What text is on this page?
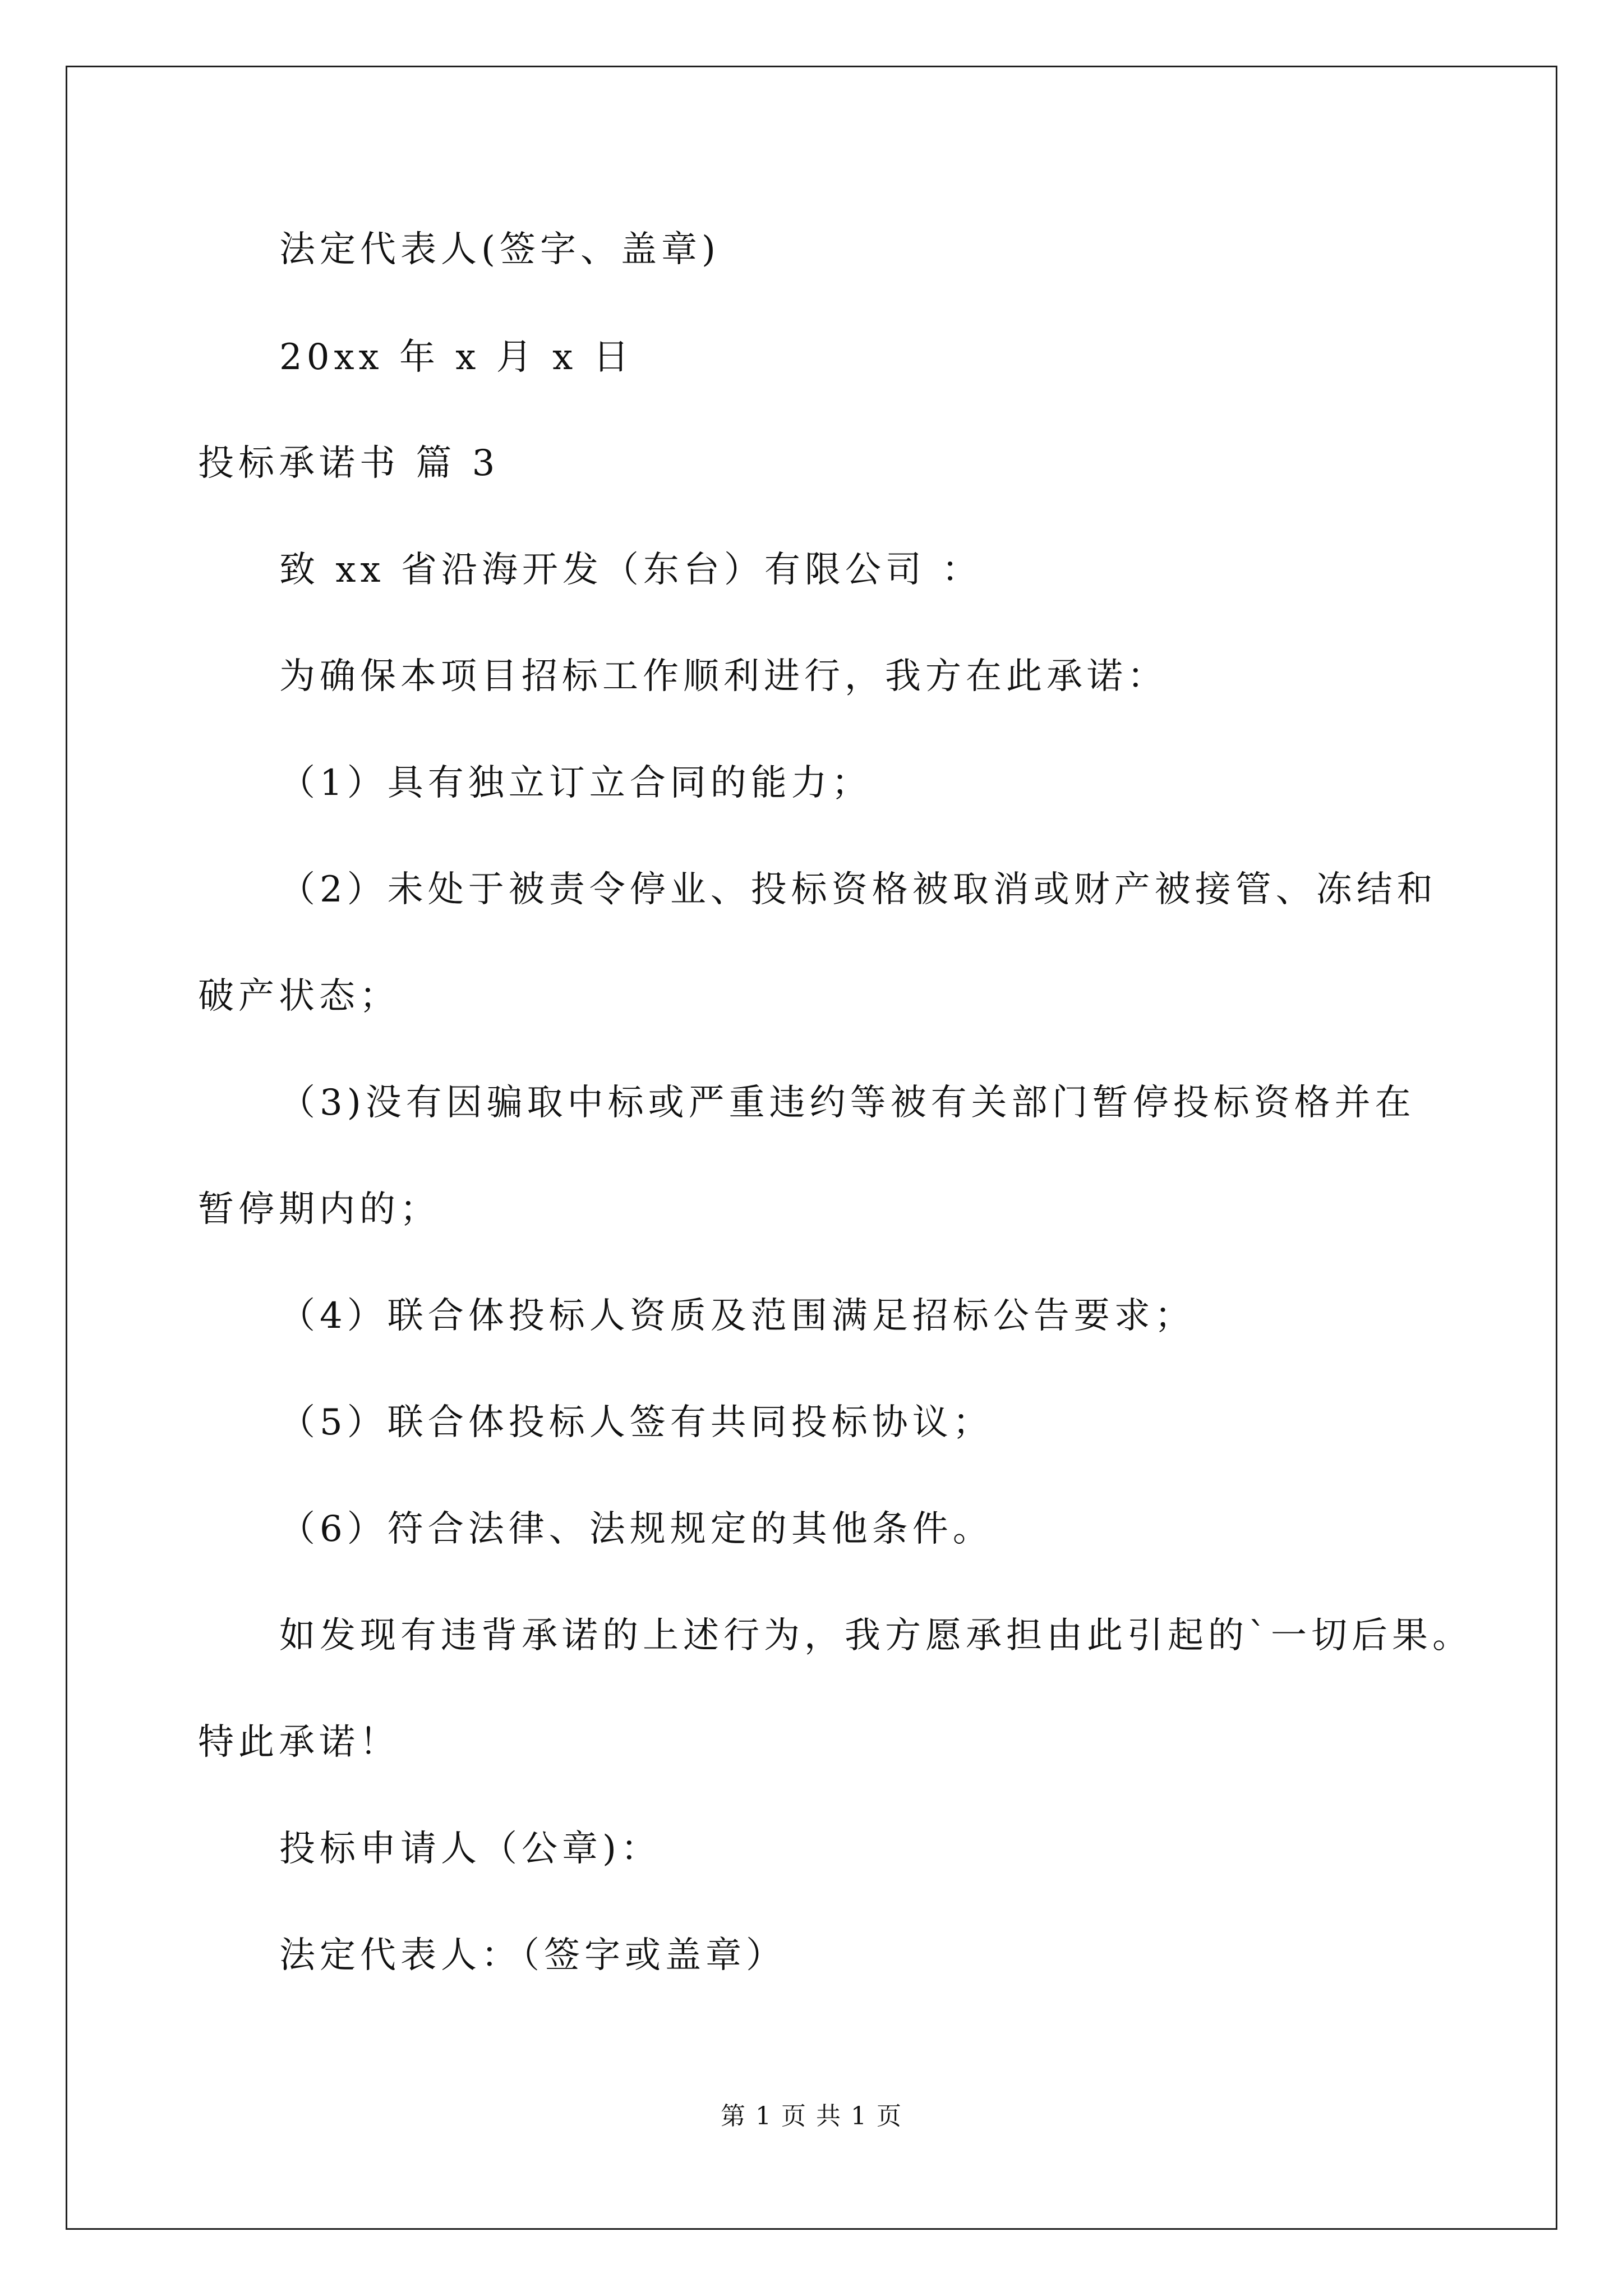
法定代表人(签字、盖章)
20xx 年 x 月 x 日
投标承诺书 篇 3
致 xx 省沿海开发（东台）有限公司 ：
为确保本项目招标工作顺利进行，我方在此承诺：
（1）具有独立订立合同的能力；
（2）未处于被责令停业、投标资格被取消或财产被接管、冻结和
破产状态；
（3)没有因骗取中标或严重违约等被有关部门暂停投标资格并在
暂停期内的；
（4）联合体投标人资质及范围满足招标公告要求；
（5）联合体投标人签有共同投标协议；
（6）符合法律、法规规定的其他条件。
如发现有违背承诺的上述行为，我方愿承担由此引起的`一切后果。
特此承诺！
投标申请人（公章)：
法定代表人：（签字或盖章）
第 1 页 共 1 页
